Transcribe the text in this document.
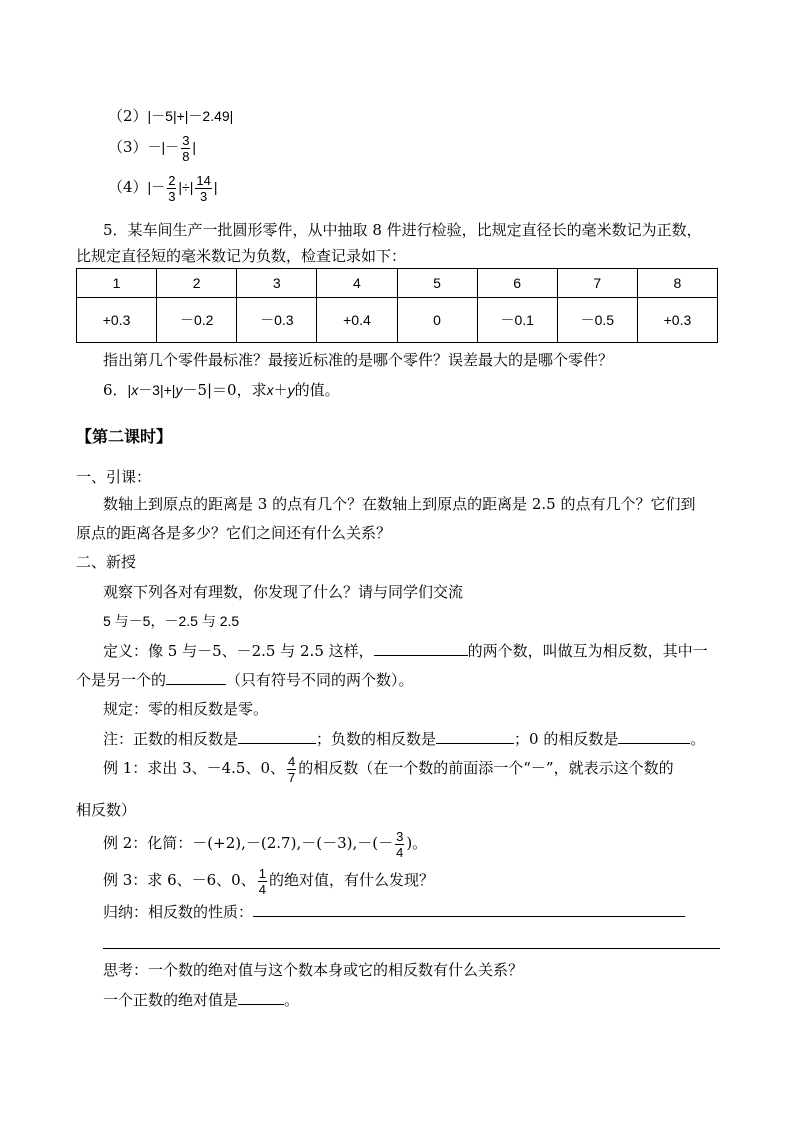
（2）|－5|+|－2.49|
$(3)-|- \frac{3}{8}$ |
$(4)|- \frac{2}{3}$ |÷| $\frac{14}{3}$ |
5．某车间生产一批圆形零件，从中抽取 8 件进行检验，比规定直径长的毫米数记为正数，
比规定直径短的毫米数记为负数，检查记录如下：
1	2	3	4	5	6	7	8
+0.3	－0.2	－0.3	+0.4	0	－0.1	－0.5	+0.3
指出第几个零件最标准？最接近标准的是哪个零件？误差最大的是哪个零件？
6．|x－3|+|y－5|＝0，求x＋y的值。
【第二课时】
一、引课：
数轴上到原点的距离是 3 的点有几个？在数轴上到原点的距离是 2.5 的点有几个？它们到
原点的距离各是多少？它们之间还有什么关系？
二、新授
观察下列各对有理数，你发现了什么？请与同学们交流
5 与－5，－2.5 与 2.5
定义：像 5 与－5、－2.5 与 2.5 这样，	的两个数，叫做互为相反数，其中一
个是另一个的	（只有符号不同的两个数）。
规定：零的相反数是零。
注：正数的相反数是	；负数的相反数是	；0 的相反数是	。
例 1：求出 3、－4.5、0、 $\frac{4}{7}$ 的相反数（在一个数的前面添一个“－”，就表示这个数的
相反数）
例 2：化简：$-(+2),-(2.7),-(-3),-(- \frac{3}{4}$ )。
例 3：求 6、－6、0、 $\frac{1}{4}$ 的绝对值，有什么发现？
归纳：相反数的性质：
思考：一个数的绝对值与这个数本身或它的相反数有什么关系？
一个正数的绝对值是	。
